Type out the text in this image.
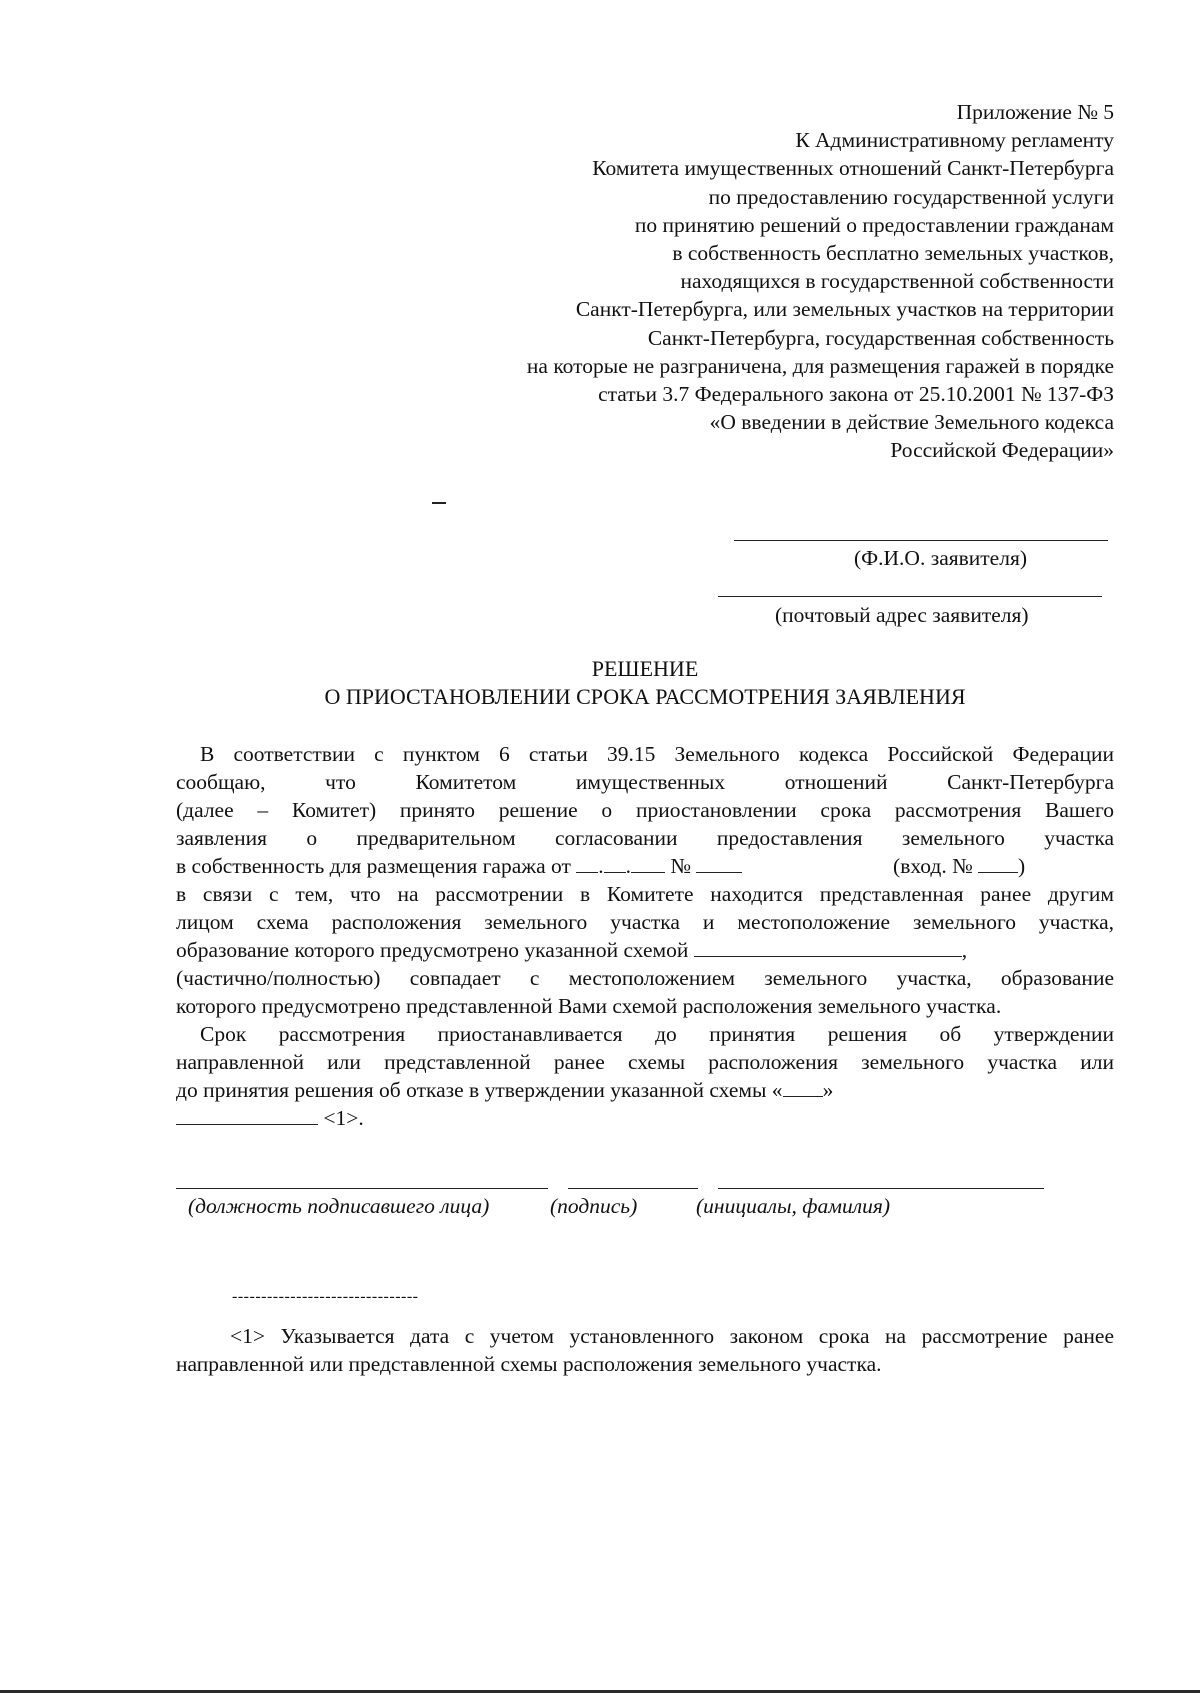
Приложение № 5
К Административному регламенту
Комитета имущественных отношений Санкт-Петербурга
по предоставлению государственной услуги
по принятию решений о предоставлении гражданам
в собственность бесплатно земельных участков,
находящихся в государственной собственности
Санкт-Петербурга, или земельных участков на территории
Санкт-Петербурга, государственная собственность
на которые не разграничена, для размещения гаражей в порядке
статьи 3.7 Федерального закона от 25.10.2001 № 137-ФЗ
«О введении в действие Земельного кодекса
Российской Федерации»
(Ф.И.О. заявителя)
(почтовый адрес заявителя)
РЕШЕНИЕ
О ПРИОСТАНОВЛЕНИИ СРОКА РАССМОТРЕНИЯ ЗАЯВЛЕНИЯ
В соответствии с пунктом 6 статьи 39.15 Земельного кодекса Российской Федерации
сообщаю, что Комитетом имущественных отношений Санкт-Петербурга
(далее – Комитет) принято решение о приостановлении срока рассмотрения Вашего
заявления о предварительном согласовании предоставления земельного участка
в собственность для размещения гаража от . . №	(вход. № )
в связи с тем, что на рассмотрении в Комитете находится представленная ранее другим
лицом схема расположения земельного участка и местоположение земельного участка,
образование которого предусмотрено указанной схемой	,
(частично/полностью) совпадает с местоположением земельного участка, образование
которого предусмотрено представленной Вами схемой расположения земельного участка.
Срок рассмотрения приостанавливается до принятия решения об утверждении
направленной или представленной ранее схемы расположения земельного участка или
до принятия решения об отказе в утверждении указанной схемы « »
<1>.
(должность подписавшего лица)	(подпись)	(инициалы, фамилия)
--------------------------------

<1> Указывается дата с учетом установленного законом срока на рассмотрение ранее направленной или представленной схемы расположения земельного участка.
